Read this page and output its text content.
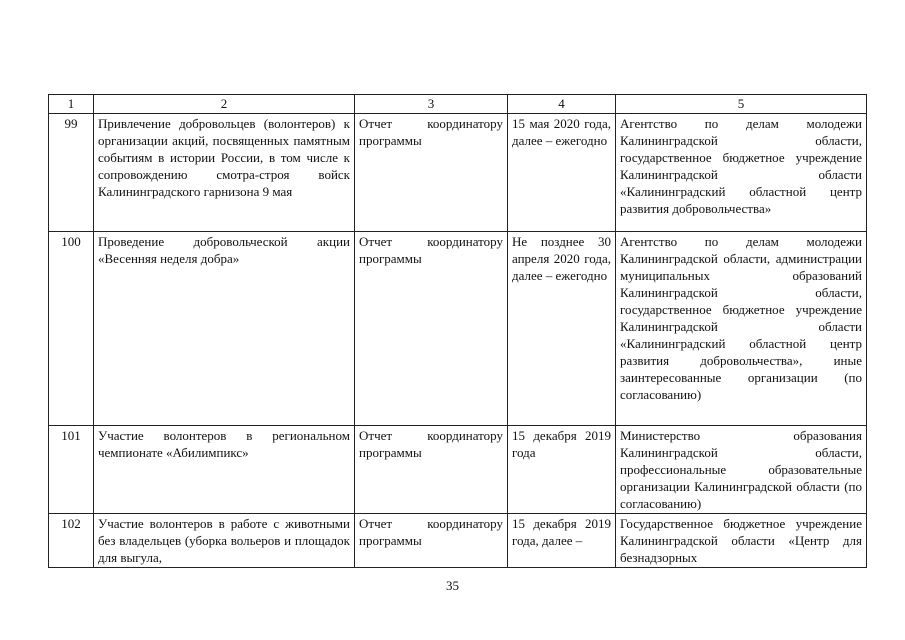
1	2	3	4	5
99	Привлечение добровольцев (волонтеров) к организации акций, посвященных памятным событиям в истории России, в том числе к сопровождению смотра-строя войск Калининградского гарнизона 9 мая	Отчет координатору программы	15 мая 2020 года, далее – ежегодно	Агентство по делам молодежи Калининградской области, государственное бюджетное учреждение Калининградской области «Калининградский областной центр развития добровольчества»
100	Проведение добровольческой акции «Весенняя неделя добра»	Отчет координатору программы	Не позднее 30 апреля 2020 года, далее – ежегодно	Агентство по делам молодежи Калининградской области, администрации муниципальных образований Калининградской области, государственное бюджетное учреждение Калининградской области «Калининградский областной центр развития добровольчества», иные заинтересованные организации (по согласованию)
101	Участие волонтеров в региональном чемпионате «Абилимпикс»	Отчет координатору программы	15 декабря 2019 года	Министерство образования Калининградской области, профессиональные образовательные организации Калининградской области (по согласованию)

102	Участие волонтеров в работе с животными без владельцев (уборка вольеров и площадок для выгула,	Отчет координатору программы	15 декабря 2019 года, далее –	Государственное бюджетное учреждение Калининградской области «Центр для безнадзорных
35
